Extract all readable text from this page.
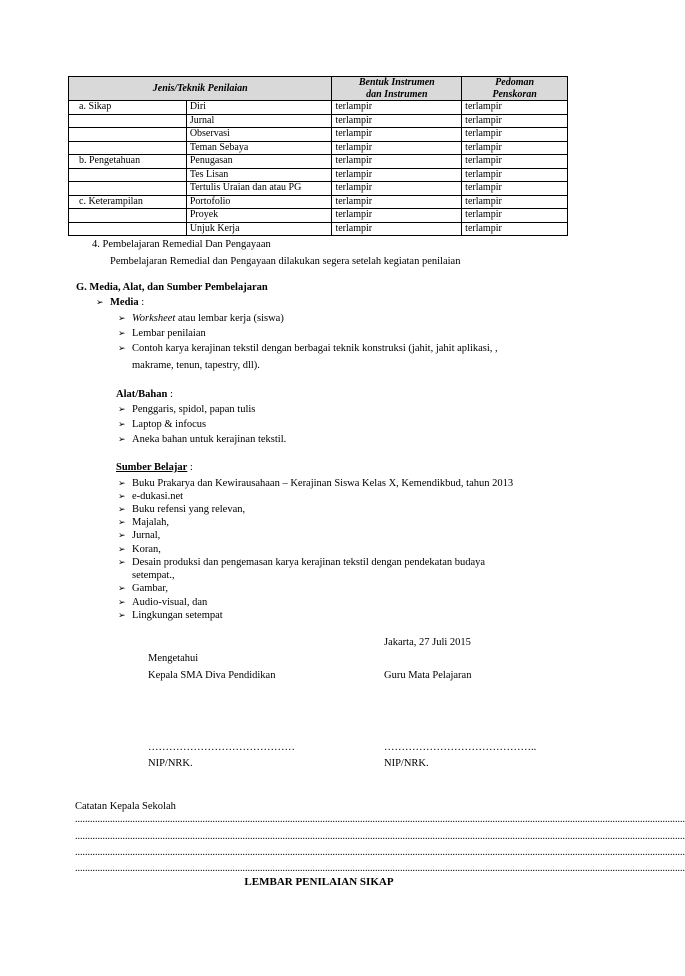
Jenis/Teknik Penilaian		Bentuk Instrumen
dan Instrumen	Pedoman
Penskoran
a. Sikap	Diri	terlampir	terlampir
	Jurnal	terlampir	terlampir
	Observasi	terlampir	terlampir
	Teman Sebaya	terlampir	terlampir
b. Pengetahuan	Penugasan	terlampir	terlampir
	Tes Lisan	terlampir	terlampir
	Tertulis Uraian dan atau PG	terlampir	terlampir
c. Keterampilan	Portofolio	terlampir	terlampir
	Proyek	terlampir	terlampir
	Unjuk Kerja	terlampir	terlampir
4. Pembelajaran Remedial Dan Pengayaan
Pembelajaran Remedial dan Pengayaan dilakukan segera setelah kegiatan penilaian
G. Media, Alat, dan Sumber Pembelajaran
➢ Media :
➢ Worksheet atau lembar kerja (siswa)
➢ Lembar penilaian
➢ Contoh karya kerajinan tekstil dengan berbagai teknik konstruksi (jahit, jahit aplikasi, ,
makrame, tenun, tapestry, dll).
Alat/Bahan :
➢ Penggaris, spidol, papan tulis
➢ Laptop & infocus
➢ Aneka bahan untuk kerajinan tekstil.
Sumber Belajar :
➢ Buku Prakarya dan Kewirausahaan – Kerajinan Siswa Kelas X, Kemendikbud, tahun 2013
➢ e-dukasi.net
➢ Buku refensi yang relevan,
➢ Majalah,
➢ Jurnal,
➢ Koran,
➢ Desain produksi dan pengemasan karya kerajinan tekstil dengan pendekatan budaya
setempat.,
➢ Gambar,
➢ Audio-visual, dan
➢ Lingkungan setempat
Jakarta, 27 Juli 2015
Mengetahui
Kepala SMA Diva Pendidikan	Guru Mata Pelajaran
……………………………………	……………………………………..
NIP/NRK.	NIP/NRK.
Catatan Kepala Sekolah
....................................................................................................................................................................................................................................................
....................................................................................................................................................................................................................................................
....................................................................................................................................................................................................................................................
....................................................................................................................................................................................................................................................
LEMBAR PENILAIAN SIKAP
